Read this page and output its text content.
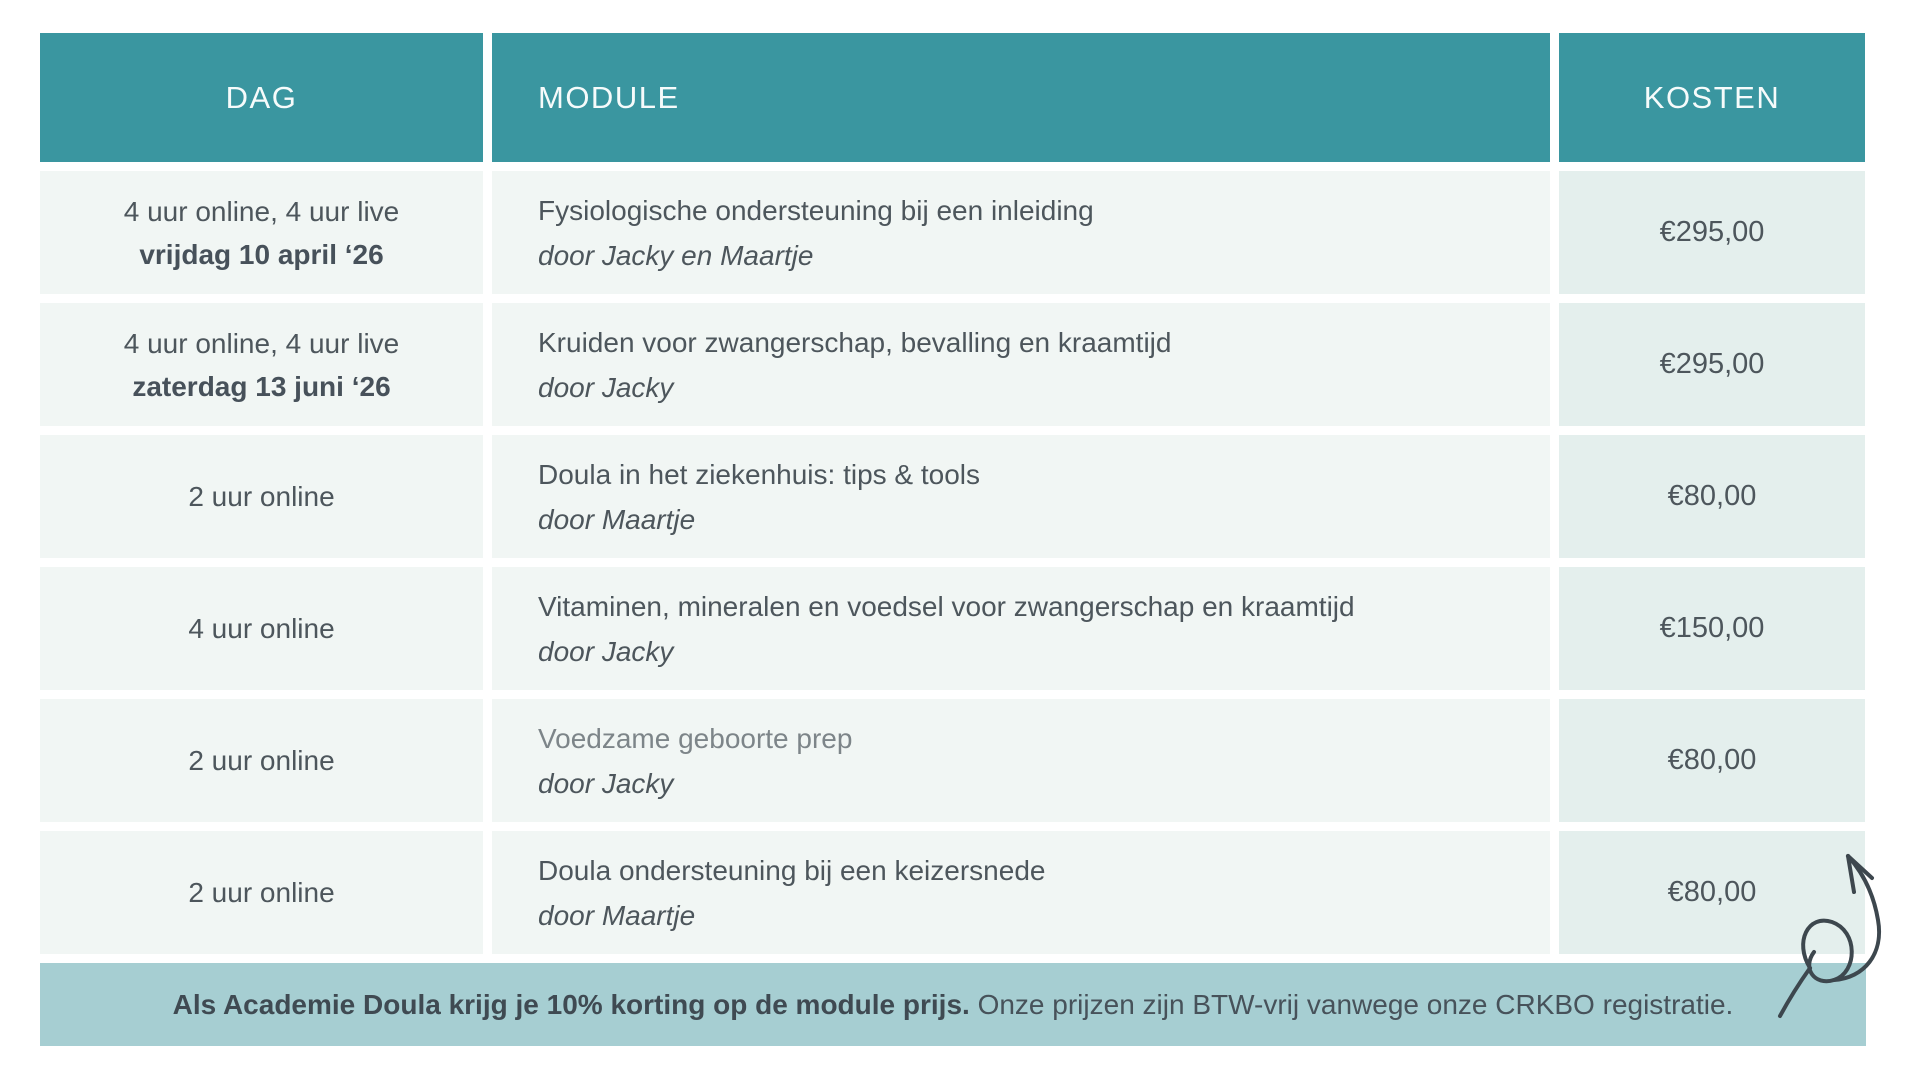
DAG	MODULE	KOSTEN
4 uur online, 4 uur live
vrijdag 10 april ‘26
Fysiologische ondersteuning bij een inleiding
door Jacky en Maartje
€295,00
4 uur online, 4 uur live
zaterdag 13 juni ‘26
Kruiden voor zwangerschap, bevalling en kraamtijd
door Jacky
€295,00
2 uur online
Doula in het ziekenhuis: tips & tools
door Maartje
€80,00
4 uur online
Vitaminen, mineralen en voedsel voor zwangerschap en kraamtijd
door Jacky
€150,00
2 uur online
Voedzame geboorte prep
door Jacky
€80,00
2 uur online
Doula ondersteuning bij een keizersnede
door Maartje
€80,00
Als Academie Doula krijg je 10% korting op de module prijs. Onze prijzen zijn BTW-vrij vanwege onze CRKBO registratie.
